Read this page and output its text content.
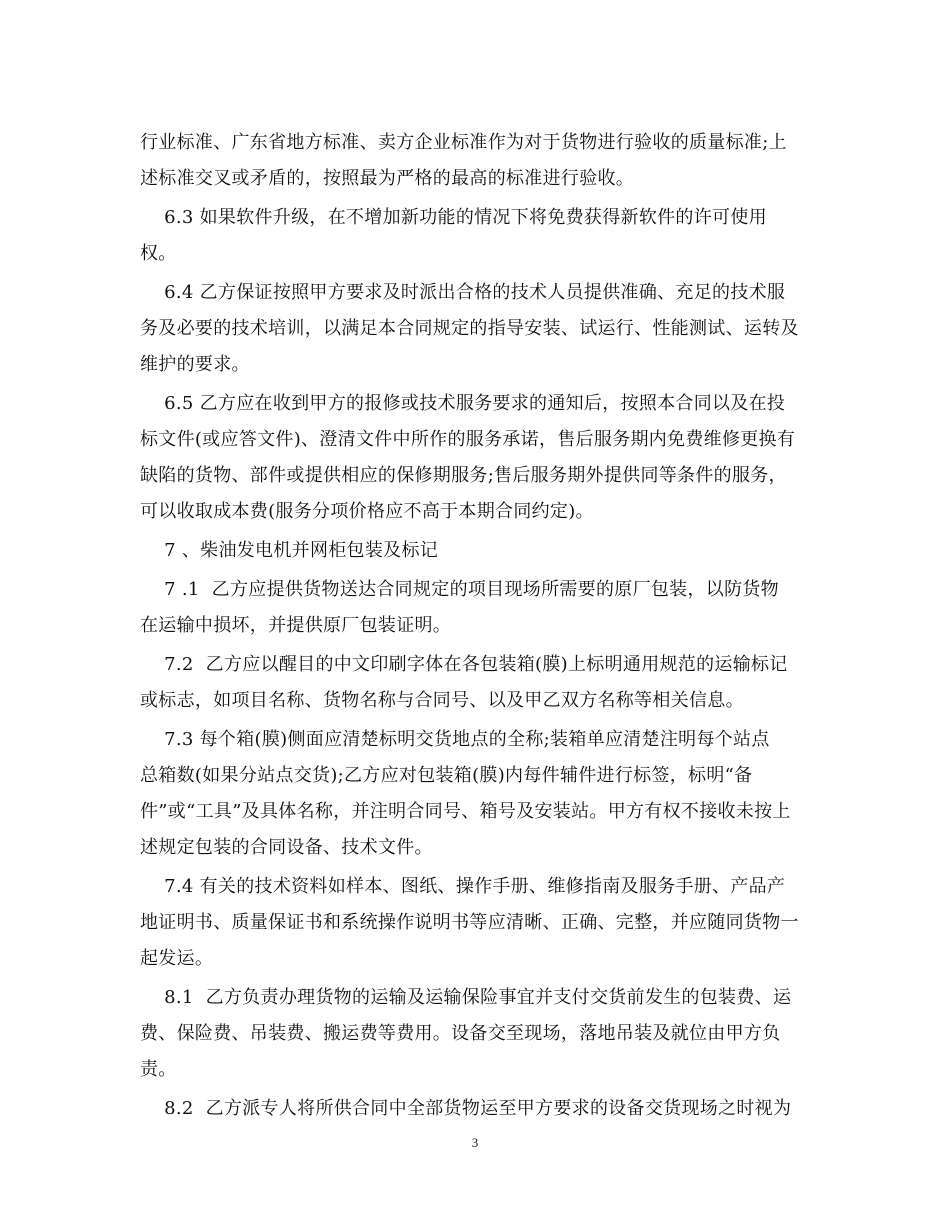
行业标准、广东省地方标准、卖方企业标准作为对于货物进行验收的质量标准;上
述标准交叉或矛盾的，按照最为严格的最高的标准进行验收。
6.3 如果软件升级，在不增加新功能的情况下将免费获得新软件的许可使用
权。
6.4 乙方保证按照甲方要求及时派出合格的技术人员提供准确、充足的技术服
务及必要的技术培训，以满足本合同规定的指导安装、试运行、性能测试、运转及
维护的要求。
6.5 乙方应在收到甲方的报修或技术服务要求的通知后，按照本合同以及在投
标文件(或应答文件)、澄清文件中所作的服务承诺，售后服务期内免费维修更换有
缺陷的货物、部件或提供相应的保修期服务;售后服务期外提供同等条件的服务，
可以收取成本费(服务分项价格应不高于本期合同约定)。
7 、柴油发电机并网柜包装及标记
7 .1  乙方应提供货物送达合同规定的项目现场所需要的原厂包装，以防货物
在运输中损坏，并提供原厂包装证明。
7.2  乙方应以醒目的中文印刷字体在各包装箱(膜)上标明通用规范的运输标记
或标志，如项目名称、货物名称与合同号、以及甲乙双方名称等相关信息。
7.3 每个箱(膜)侧面应清楚标明交货地点的全称;装箱单应清楚注明每个站点
总箱数(如果分站点交货);乙方应对包装箱(膜)内每件辅件进行标签，标明“备
件”或“工具”及具体名称，并注明合同号、箱号及安装站。甲方有权不接收未按上
述规定包装的合同设备、技术文件。
7.4 有关的技术资料如样本、图纸、操作手册、维修指南及服务手册、产品产
地证明书、质量保证书和系统操作说明书等应清晰、正确、完整，并应随同货物一
起发运。
8.1  乙方负责办理货物的运输及运输保险事宜并支付交货前发生的包装费、运
费、保险费、吊装费、搬运费等费用。设备交至现场，落地吊装及就位由甲方负
责。
8.2  乙方派专人将所供合同中全部货物运至甲方要求的设备交货现场之时视为
3
